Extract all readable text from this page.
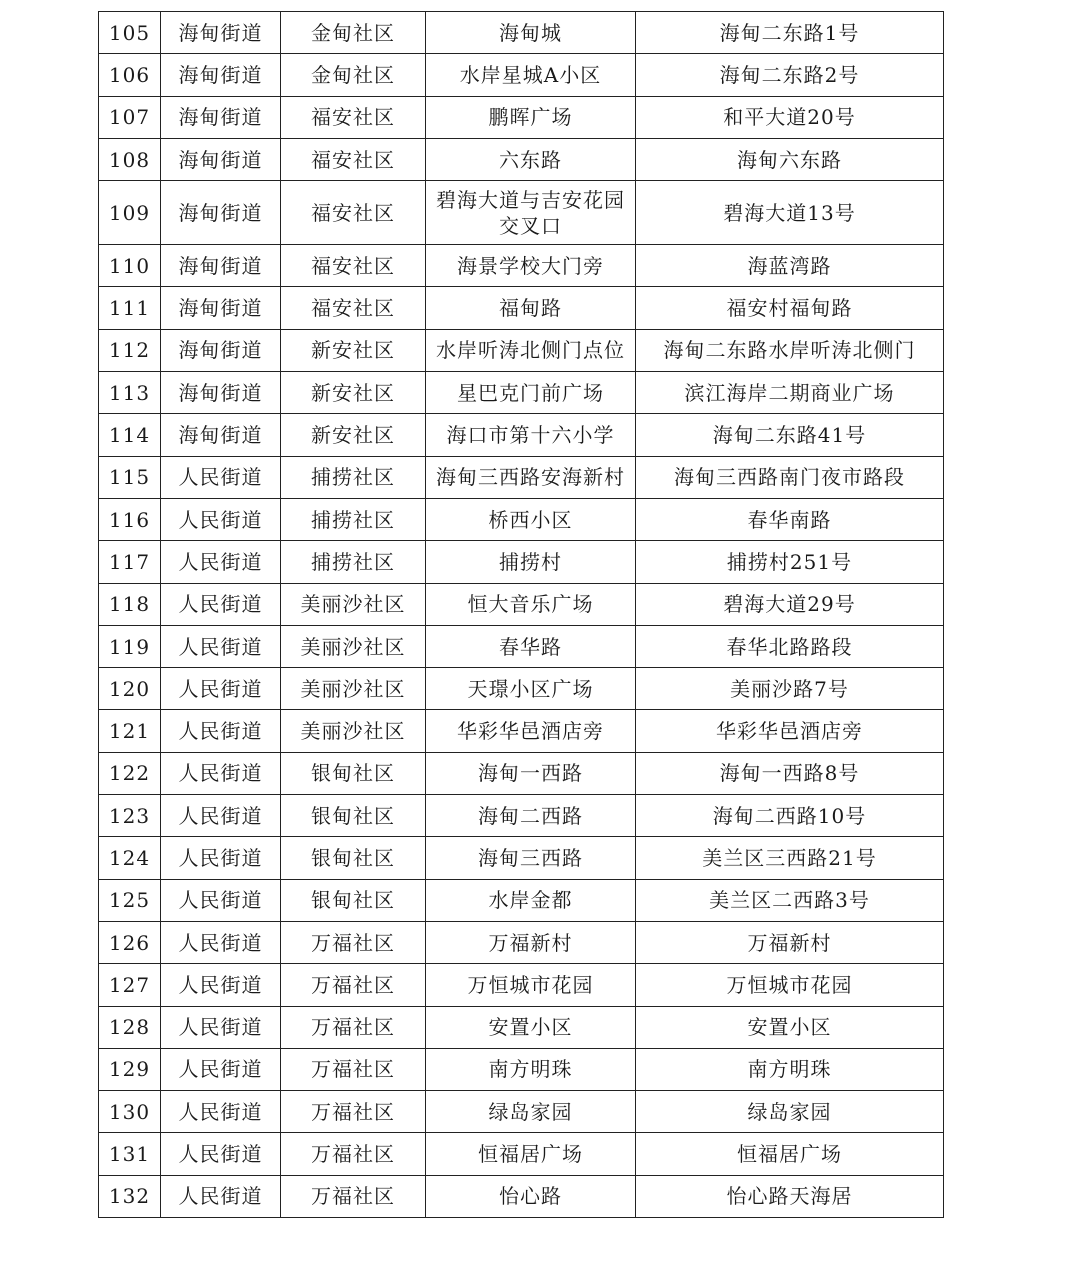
105	海甸街道	金甸社区	海甸城	海甸二东路1号
106	海甸街道	金甸社区	水岸星城A小区	海甸二东路2号
107	海甸街道	福安社区	鹏晖广场	和平大道20号
108	海甸街道	福安社区	六东路	海甸六东路
109	海甸街道	福安社区	碧海大道与吉安花园交叉口	碧海大道13号
110	海甸街道	福安社区	海景学校大门旁	海蓝湾路
111	海甸街道	福安社区	福甸路	福安村福甸路
112	海甸街道	新安社区	水岸听涛北侧门点位	海甸二东路水岸听涛北侧门
113	海甸街道	新安社区	星巴克门前广场	滨江海岸二期商业广场
114	海甸街道	新安社区	海口市第十六小学	海甸二东路41号
115	人民街道	捕捞社区	海甸三西路安海新村	海甸三西路南门夜市路段
116	人民街道	捕捞社区	桥西小区	春华南路
117	人民街道	捕捞社区	捕捞村	捕捞村251号
118	人民街道	美丽沙社区	恒大音乐广场	碧海大道29号
119	人民街道	美丽沙社区	春华路	春华北路路段
120	人民街道	美丽沙社区	天璟小区广场	美丽沙路7号
121	人民街道	美丽沙社区	华彩华邑酒店旁	华彩华邑酒店旁
122	人民街道	银甸社区	海甸一西路	海甸一西路8号
123	人民街道	银甸社区	海甸二西路	海甸二西路10号
124	人民街道	银甸社区	海甸三西路	美兰区三西路21号
125	人民街道	银甸社区	水岸金都	美兰区二西路3号
126	人民街道	万福社区	万福新村	万福新村
127	人民街道	万福社区	万恒城市花园	万恒城市花园
128	人民街道	万福社区	安置小区	安置小区
129	人民街道	万福社区	南方明珠	南方明珠
130	人民街道	万福社区	绿岛家园	绿岛家园
131	人民街道	万福社区	恒福居广场	恒福居广场
132	人民街道	万福社区	怡心路	怡心路天海居
